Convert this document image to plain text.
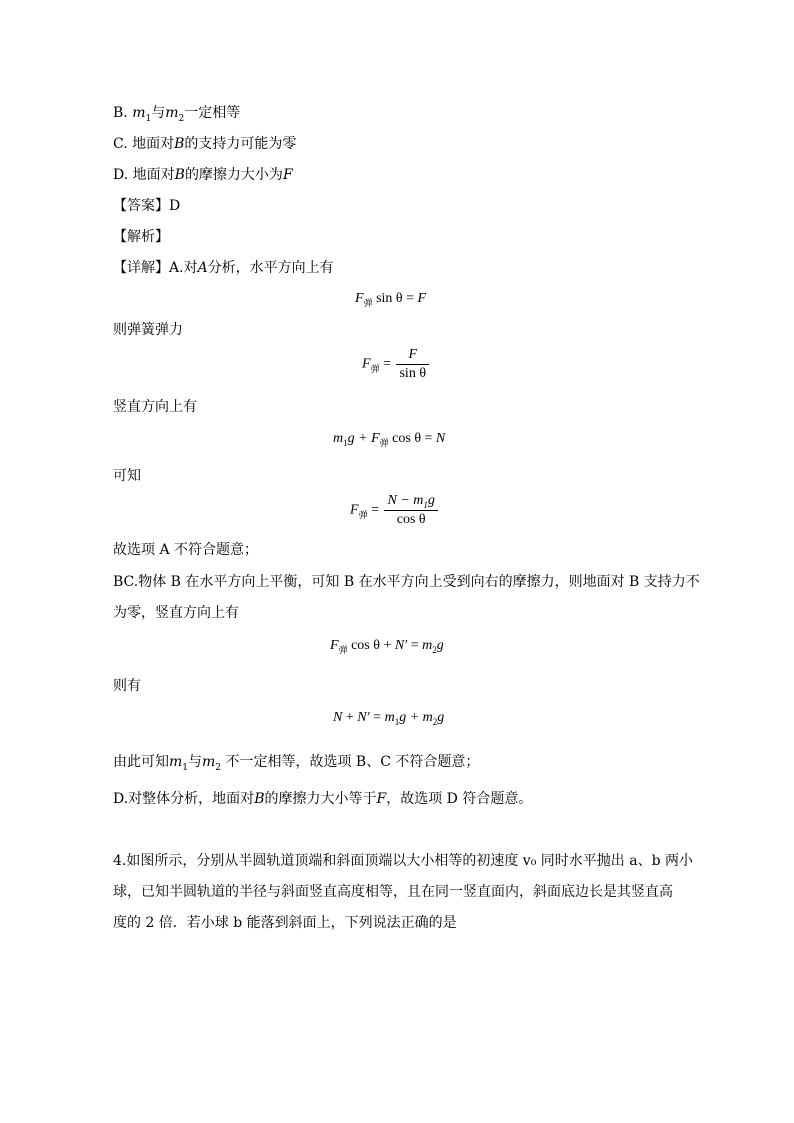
B. $m_1$与$m_2$一定相等
C. 地面对B的支持力可能为零
D. 地面对B的摩擦力大小为F
【答案】D
【解析】
【详解】A.对A分析，水平方向上有
$F_弹$ sin θ = F
则弹簧弹力
$F_弹 = \frac{F}{\text{sin θ}}$
竖直方向上有
$m_1g + F_弹$ cos θ = N
可知
$F_弹 = \frac{N - m_1g}{\text{cos θ}}$
故选项 A 不符合题意；
BC.物体 B 在水平方向上平衡，可知 B 在水平方向上受到向右的摩擦力，则地面对 B 支持力不
为零，竖直方向上有
$F_弹$ $\cos \theta + N' = m_2g$
则有
$N + N' = m_1g + m_2g$
由此可知$m_1$与$m_2$ 不一定相等，故选项 B、C 不符合题意；
D.对整体分析，地面对B的摩擦力大小等于F，故选项 D 符合题意。
4.如图所示，分别从半圆轨道顶端和斜面顶端以大小相等的初速度 v₀ 同时水平抛出 a、b 两小
球，已知半圆轨道的半径与斜面竖直高度相等，且在同一竖直面内，斜面底边长是其竖直高
度的 2 倍．若小球 b 能落到斜面上，下列说法正确的是
